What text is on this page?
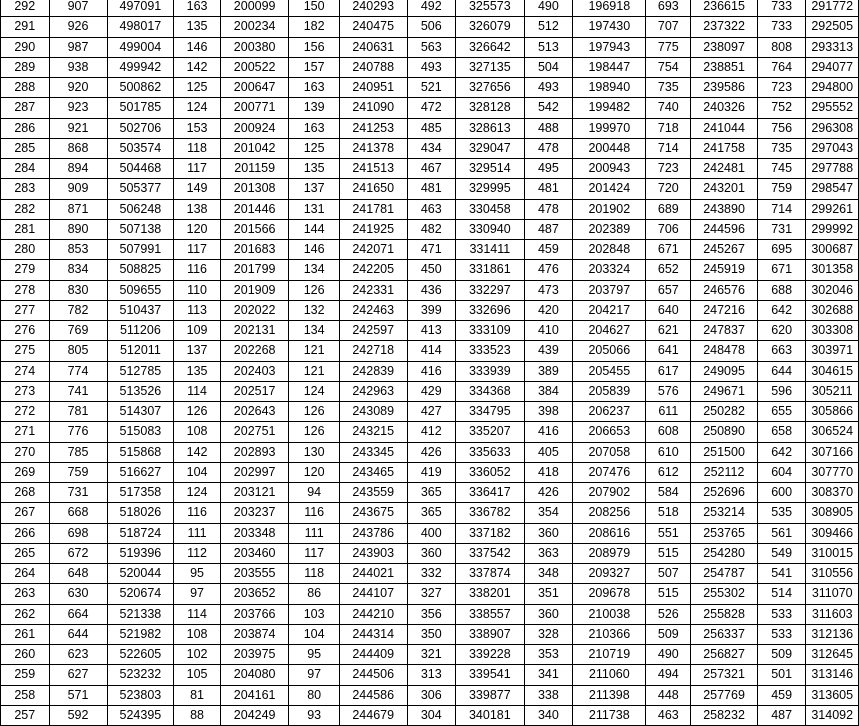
292	907	497091	163	200099	150	240293	492	325573	490	196918	693	236615	733	291772
291	926	498017	135	200234	182	240475	506	326079	512	197430	707	237322	733	292505
290	987	499004	146	200380	156	240631	563	326642	513	197943	775	238097	808	293313
289	938	499942	142	200522	157	240788	493	327135	504	198447	754	238851	764	294077
288	920	500862	125	200647	163	240951	521	327656	493	198940	735	239586	723	294800
287	923	501785	124	200771	139	241090	472	328128	542	199482	740	240326	752	295552
286	921	502706	153	200924	163	241253	485	328613	488	199970	718	241044	756	296308
285	868	503574	118	201042	125	241378	434	329047	478	200448	714	241758	735	297043
284	894	504468	117	201159	135	241513	467	329514	495	200943	723	242481	745	297788
283	909	505377	149	201308	137	241650	481	329995	481	201424	720	243201	759	298547
282	871	506248	138	201446	131	241781	463	330458	478	201902	689	243890	714	299261
281	890	507138	120	201566	144	241925	482	330940	487	202389	706	244596	731	299992
280	853	507991	117	201683	146	242071	471	331411	459	202848	671	245267	695	300687
279	834	508825	116	201799	134	242205	450	331861	476	203324	652	245919	671	301358
278	830	509655	110	201909	126	242331	436	332297	473	203797	657	246576	688	302046
277	782	510437	113	202022	132	242463	399	332696	420	204217	640	247216	642	302688
276	769	511206	109	202131	134	242597	413	333109	410	204627	621	247837	620	303308
275	805	512011	137	202268	121	242718	414	333523	439	205066	641	248478	663	303971
274	774	512785	135	202403	121	242839	416	333939	389	205455	617	249095	644	304615
273	741	513526	114	202517	124	242963	429	334368	384	205839	576	249671	596	305211
272	781	514307	126	202643	126	243089	427	334795	398	206237	611	250282	655	305866
271	776	515083	108	202751	126	243215	412	335207	416	206653	608	250890	658	306524
270	785	515868	142	202893	130	243345	426	335633	405	207058	610	251500	642	307166
269	759	516627	104	202997	120	243465	419	336052	418	207476	612	252112	604	307770
268	731	517358	124	203121	94	243559	365	336417	426	207902	584	252696	600	308370
267	668	518026	116	203237	116	243675	365	336782	354	208256	518	253214	535	308905
266	698	518724	111	203348	111	243786	400	337182	360	208616	551	253765	561	309466
265	672	519396	112	203460	117	243903	360	337542	363	208979	515	254280	549	310015
264	648	520044	95	203555	118	244021	332	337874	348	209327	507	254787	541	310556
263	630	520674	97	203652	86	244107	327	338201	351	209678	515	255302	514	311070
262	664	521338	114	203766	103	244210	356	338557	360	210038	526	255828	533	311603
261	644	521982	108	203874	104	244314	350	338907	328	210366	509	256337	533	312136
260	623	522605	102	203975	95	244409	321	339228	353	210719	490	256827	509	312645
259	627	523232	105	204080	97	244506	313	339541	341	211060	494	257321	501	313146
258	571	523803	81	204161	80	244586	306	339877	338	211398	448	257769	459	313605
257	592	524395	88	204249	93	244679	304	340181	340	211738	463	258232	487	314092
